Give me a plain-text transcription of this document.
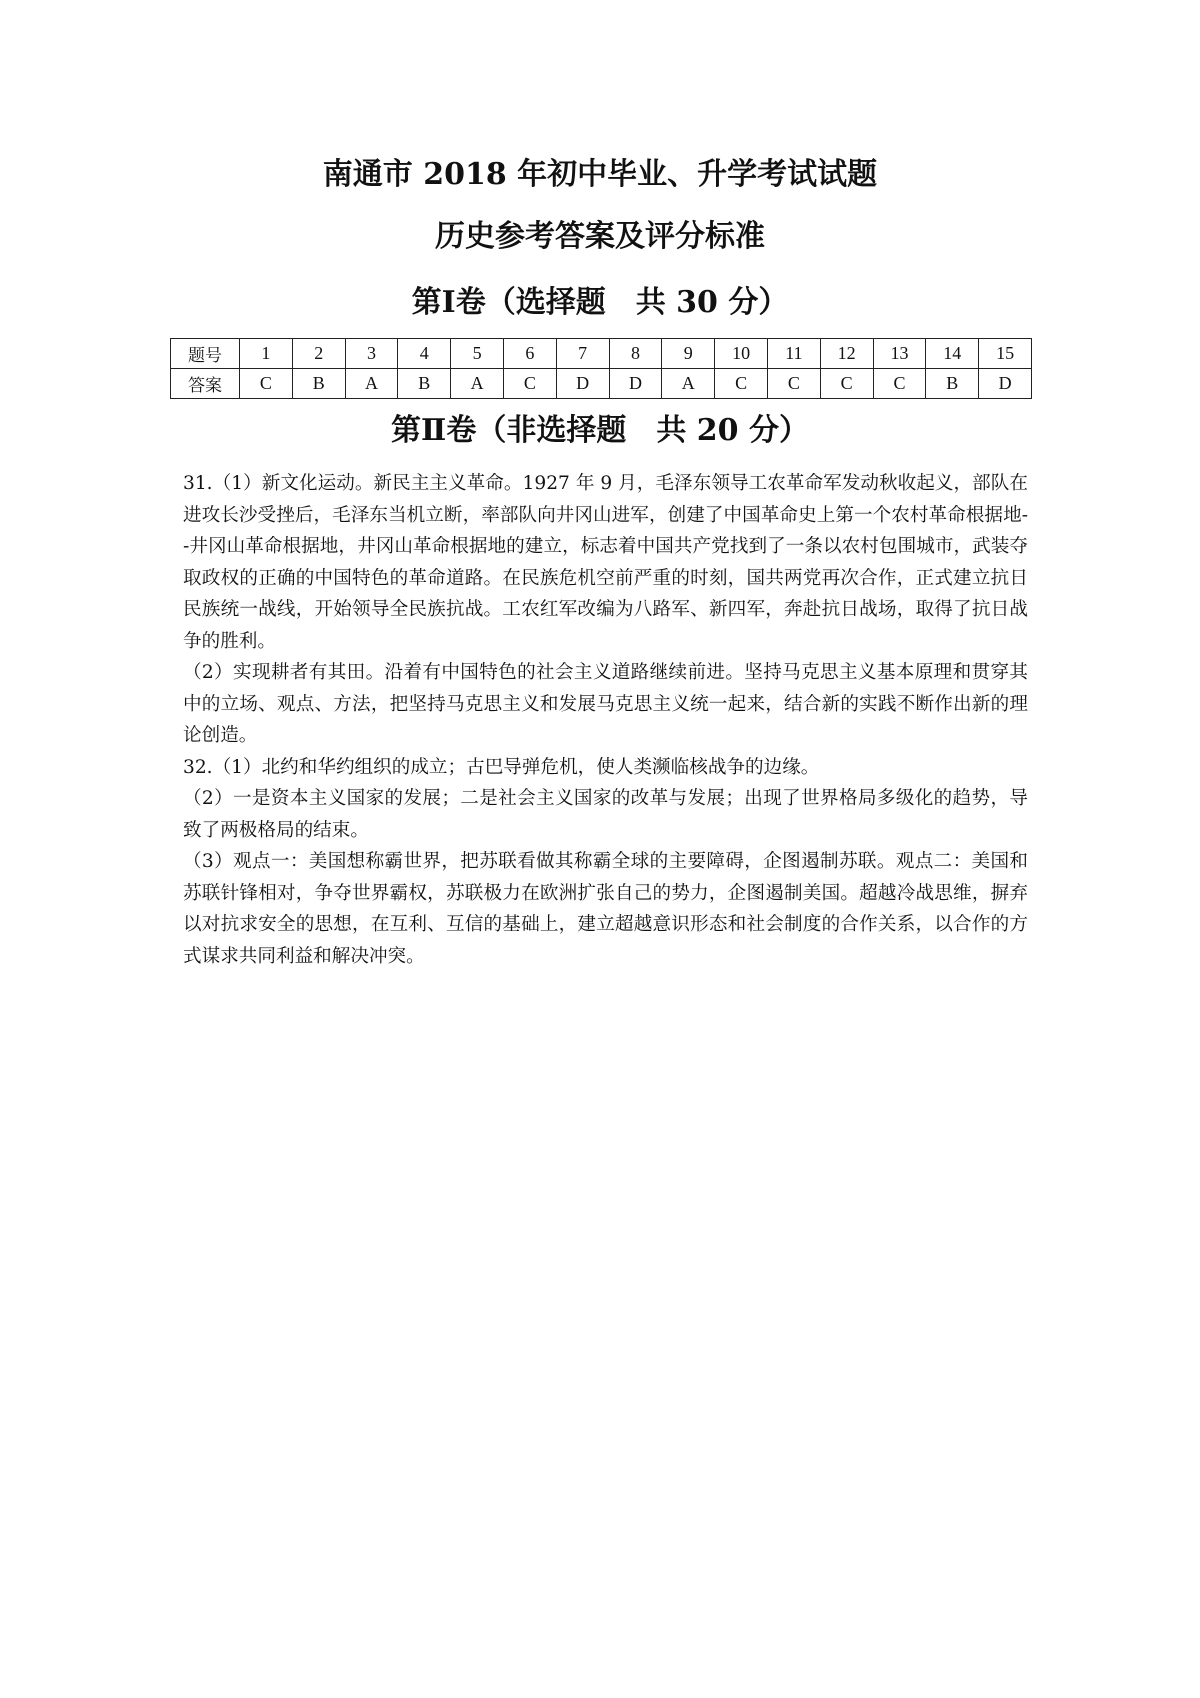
南通市 2018 年初中毕业、升学考试试题
历史参考答案及评分标准
第Ⅰ卷（选择题　共 30 分）
题号	1	2	3	4	5	6	7	8	9	10	11	12	13	14	15
答案	C	B	A	B	A	C	D	D	A	C	C	C	C	B	D
第Ⅱ卷（非选择题　共 20 分）

31.（1）新文化运动。新民主主义革命。1927 年 9 月，毛泽东领导工农革命军发动秋收起义，部队在进攻长沙受挫后，毛泽东当机立断，率部队向井冈山进军，创建了中国革命史上第一个农村革命根据地--井冈山革命根据地，井冈山革命根据地的建立，标志着中国共产党找到了一条以农村包围城市，武装夺取政权的正确的中国特色的革命道路。在民族危机空前严重的时刻，国共两党再次合作，正式建立抗日民族统一战线，开始领导全民族抗战。工农红军改编为八路军、新四军，奔赴抗日战场，取得了抗日战争的胜利。

（2）实现耕者有其田。沿着有中国特色的社会主义道路继续前进。坚持马克思主义基本原理和贯穿其中的立场、观点、方法，把坚持马克思主义和发展马克思主义统一起来，结合新的实践不断作出新的理论创造。

32.（1）北约和华约组织的成立；古巴导弹危机，使人类濒临核战争的边缘。

（2）一是资本主义国家的发展；二是社会主义国家的改革与发展；出现了世界格局多级化的趋势，导致了两极格局的结束。

（3）观点一：美国想称霸世界，把苏联看做其称霸全球的主要障碍，企图遏制苏联。观点二：美国和苏联针锋相对，争夺世界霸权，苏联极力在欧洲扩张自己的势力，企图遏制美国。超越冷战思维，摒弃以对抗求安全的思想，在互利、互信的基础上，建立超越意识形态和社会制度的合作关系，以合作的方式谋求共同利益和解决冲突。
